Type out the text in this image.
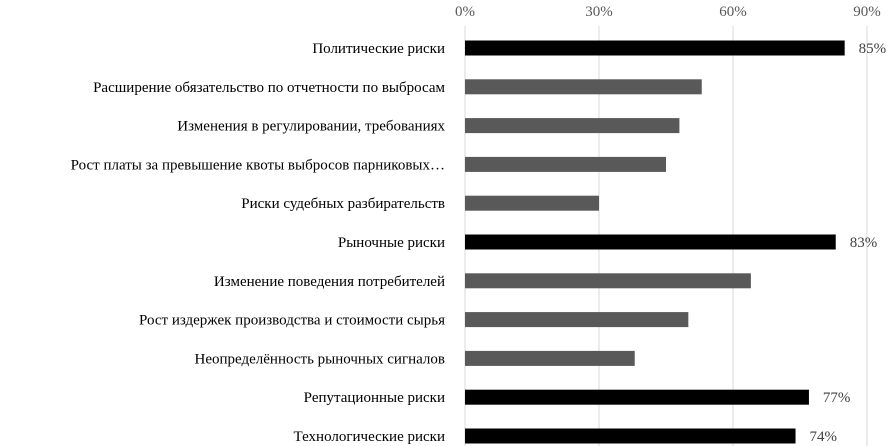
0%	30%	60%	90%
Политические риски
Расширение обязательство по отчетности по выбросам
Изменения в регулировании, требованиях
Рост платы за превышение квоты выбросов парниковых…
Риски судебных разбирательств
Рыночные риски
Изменение поведения потребителей
Рост издержек производства и стоимости сырья
Неопределённость рыночных сигналов
Репутационные риски
Технологические риски
85%
83%
77%
74%
